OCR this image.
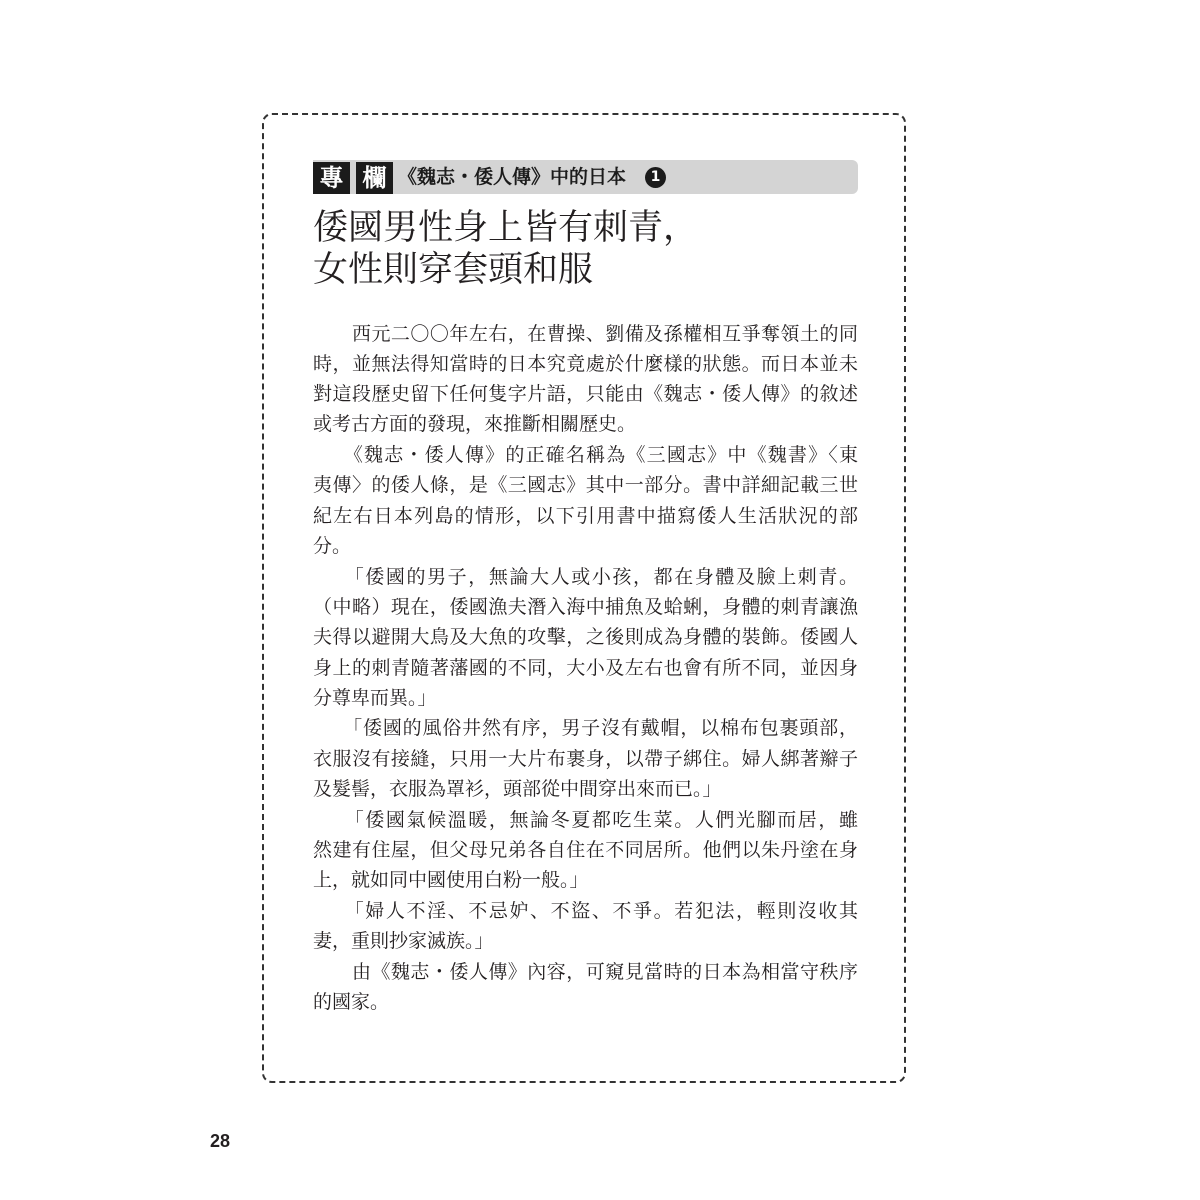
專 欄 《魏志・倭人傳》中的日本	1
倭國男性身上皆有刺青，
女性則穿套頭和服
　　西元二〇〇年左右，在曹操、劉備及孫權相互爭奪領土的同
時，並無法得知當時的日本究竟處於什麼樣的狀態。而日本並未
對這段歷史留下任何隻字片語，只能由《魏志・倭人傳》的敘述
或考古方面的發現，來推斷相關歷史。
　　《魏志・倭人傳》的正確名稱為《三國志》中《魏書》〈東
夷傳〉的倭人條，是《三國志》其中一部分。書中詳細記載三世
紀左右日本列島的情形，以下引用書中描寫倭人生活狀況的部
分。
　　「倭國的男子，無論大人或小孩，都在身體及臉上刺青。
（中略）現在，倭國漁夫潛入海中捕魚及蛤蜊，身體的刺青讓漁
夫得以避開大鳥及大魚的攻擊，之後則成為身體的裝飾。倭國人
身上的刺青隨著藩國的不同，大小及左右也會有所不同，並因身
分尊卑而異。」
　　「倭國的風俗井然有序，男子沒有戴帽，以棉布包裹頭部，
衣服沒有接縫，只用一大片布裹身，以帶子綁住。婦人綁著辮子
及髮髻，衣服為罩衫，頭部從中間穿出來而已。」
　　「倭國氣候溫暖，無論冬夏都吃生菜。人們光腳而居，雖
然建有住屋，但父母兄弟各自住在不同居所。他們以朱丹塗在身
上，就如同中國使用白粉一般。」
　　「婦人不淫、不忌妒、不盜、不爭。若犯法，輕則沒收其
妻，重則抄家滅族。」
　　由《魏志・倭人傳》內容，可窺見當時的日本為相當守秩序
的國家。
28
